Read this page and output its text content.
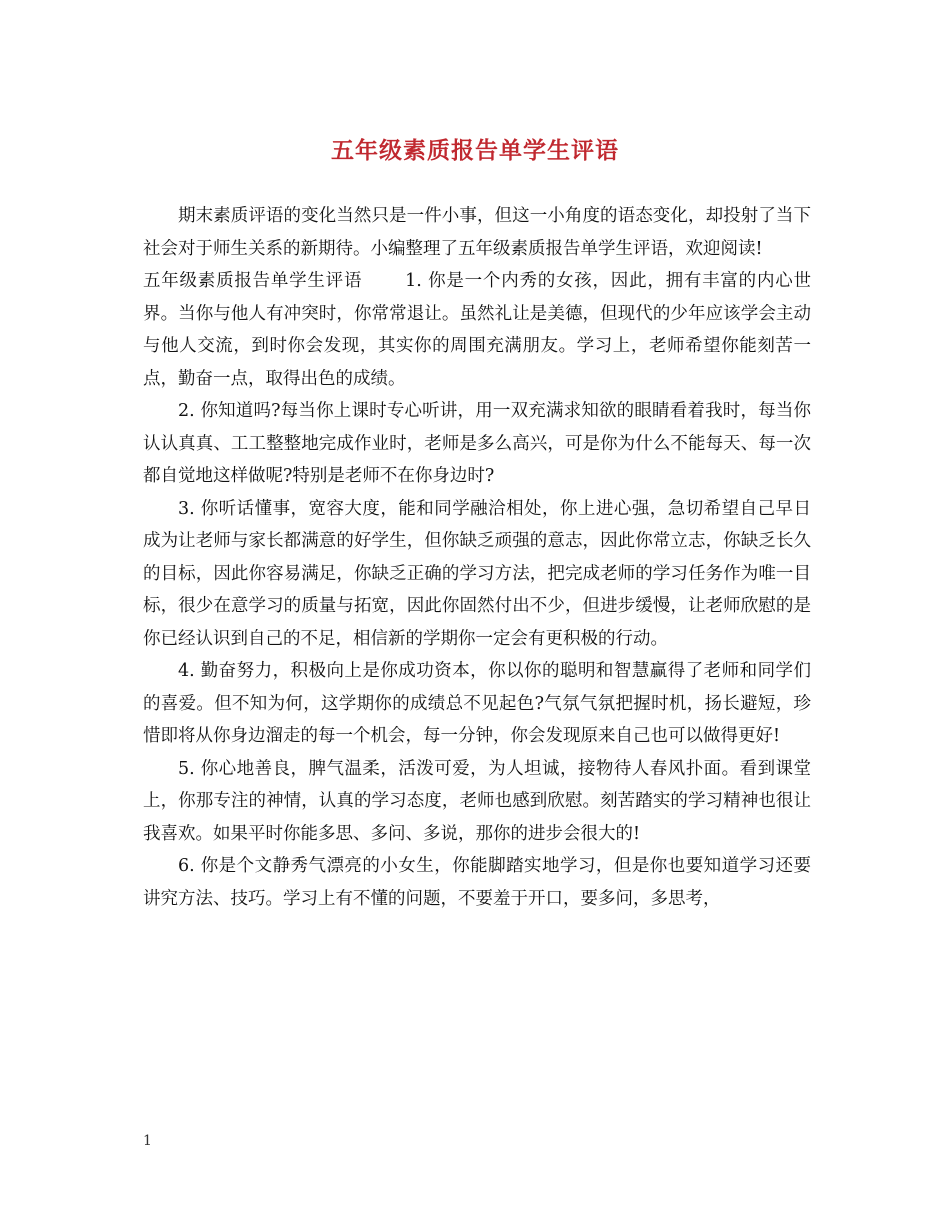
五年级素质报告单学生评语

期末素质评语的变化当然只是一件小事，但这一小角度的语态变化，却投射了当下社会对于师生关系的新期待。小编整理了五年级素质报告单学生评语，欢迎阅读!

五年级素质报告单学生评语　　 1. 你是一个内秀的女孩，因此，拥有丰富的内心世界。当你与他人有冲突时，你常常退让。虽然礼让是美德，但现代的少年应该学会主动与他人交流，到时你会发现，其实你的周围充满朋友。学习上，老师希望你能刻苦一点，勤奋一点，取得出色的成绩。

2. 你知道吗?每当你上课时专心听讲，用一双充满求知欲的眼睛看着我时，每当你认认真真、工工整整地完成作业时，老师是多么高兴，可是你为什么不能每天、每一次都自觉地这样做呢?特别是老师不在你身边时?

3. 你听话懂事，宽容大度，能和同学融洽相处，你上进心强，急切希望自己早日成为让老师与家长都满意的好学生，但你缺乏顽强的意志，因此你常立志，你缺乏长久的目标，因此你容易满足，你缺乏正确的学习方法，把完成老师的学习任务作为唯一目标，很少在意学习的质量与拓宽，因此你固然付出不少，但进步缓慢，让老师欣慰的是你已经认识到自己的不足，相信新的学期你一定会有更积极的行动。

4. 勤奋努力，积极向上是你成功资本，你以你的聪明和智慧赢得了老师和同学们的喜爱。但不知为何，这学期你的成绩总不见起色?气氛气氛把握时机，扬长避短，珍惜即将从你身边溜走的每一个机会，每一分钟，你会发现原来自己也可以做得更好!

5. 你心地善良，脾气温柔，活泼可爱，为人坦诚，接物待人春风扑面。看到课堂上，你那专注的神情，认真的学习态度，老师也感到欣慰。刻苦踏实的学习精神也很让我喜欢。如果平时你能多思、多问、多说，那你的进步会很大的!

6. 你是个文静秀气漂亮的小女生，你能脚踏实地学习，但是你也要知道学习还要讲究方法、技巧。学习上有不懂的问题，不要羞于开口，要多问，多思考，

1
